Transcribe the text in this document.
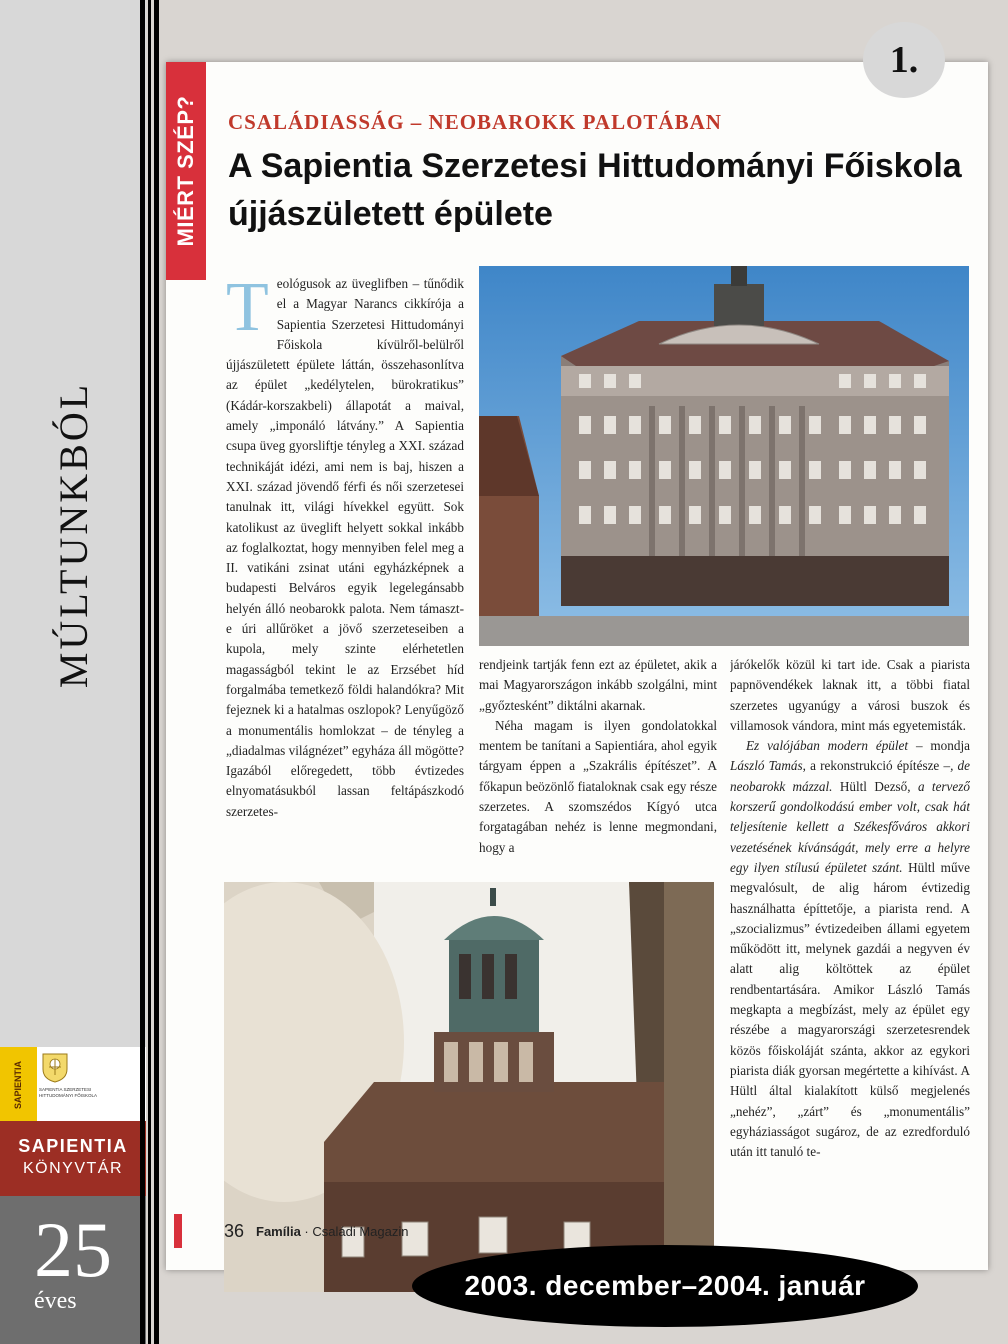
MÚLTUNKBÓL
SAPIENTIA	SAPIENTIA SZERZETESI HITTUDOMÁNYI FŐISKOLA
SAPIENTIA
KÖNYVTÁR
25
éves
MIÉRT SZÉP? CSALÁDIASSÁG – NEOBAROKK PALOTÁBAN
A Sapientia Szerzetesi Hittudományi Főiskola újjászületett épülete
Teológusok az üveglifben – tűnődik el a Magyar Narancs cikkírója a Sapientia Szerzetesi Hittudományi Főiskola kívülről-belülről újjászületett épülete láttán, összehasonlítva az épület „kedélytelen, bürokratikus” (Kádár-korszakbeli) állapotát a maival, amely „imponáló látvány.” A Sapientia csupa üveg gyorsliftje tényleg a XXI. század technikáját idézi, ami nem is baj, hiszen a XXI. század jövendő férfi és női szerzetesei tanulnak itt, világi hívekkel együtt. Sok katolikust az üveglift helyett sokkal inkább az foglalkoztat, hogy mennyiben felel meg a II. vatikáni zsinat utáni egyházképnek a budapesti Belváros egyik legelegánsabb helyén álló neobarokk palota. Nem támaszt-e úri allűröket a jövő szerzeteseiben a kupola, mely szinte elérhetetlen magasságból tekint le az Erzsébet híd forgalmába temetkező földi halandókra? Mit fejeznek ki a hatalmas oszlopok? Lenyűgöző a monumentális homlokzat – de tényleg a „diadalmas világnézet” egyháza áll mögötte? Igazából előregedett, több évtizedes elnyomatásukból lassan feltápászkodó szerzetes-

rendjeink tartják fenn ezt az épületet, akik a mai Magyarországon inkább szolgálni, mint „győztesként” diktálni akarnak.

Néha magam is ilyen gondolatokkal mentem be tanítani a Sapientiára, ahol egyik tárgyam éppen a „Szakrális építészet”. A főkapun beözönlő fiataloknak csak egy része szerzetes. A szomszédos Kígyó utca forgatagában nehéz is lenne megmondani, hogy a

járókelők közül ki tart ide. Csak a piarista papnövendékek laknak itt, a többi fiatal szerzetes ugyanúgy a városi buszok és villamosok vándora, mint más egyetemisták.

Ez valójában modern épület – mondja László Tamás, a rekonstrukció építésze –, de neobarokk mázzal. Hültl Dezső, a tervező korszerű gondolkodású ember volt, csak hát teljesítenie kellett a Székesfőváros akkori vezetésének kívánságát, mely erre a helyre egy ilyen stílusú épületet szánt. Hültl műve megvalósult, de alig három évtizedig használhatta építtetője, a piarista rend. A „szocializmus” évtizedeiben állami egyetem működött itt, melynek gazdái a negyven év alatt alig költöttek az épület rendbentartására. Amikor László Tamás megkapta a megbízást, mely az épület egy részébe a magyarországi szerzetesrendek közös főiskoláját szánta, akkor az egykori piarista diák gyorsan megértette a kihívást. A Hültl által kialakított külső megjelenés „nehéz”, „zárt” és „monumentális” egyháziasságot sugároz, de az ezredforduló után itt tanuló te-

36 Família · Családi Magazin
1.
2003. december–2004. január
